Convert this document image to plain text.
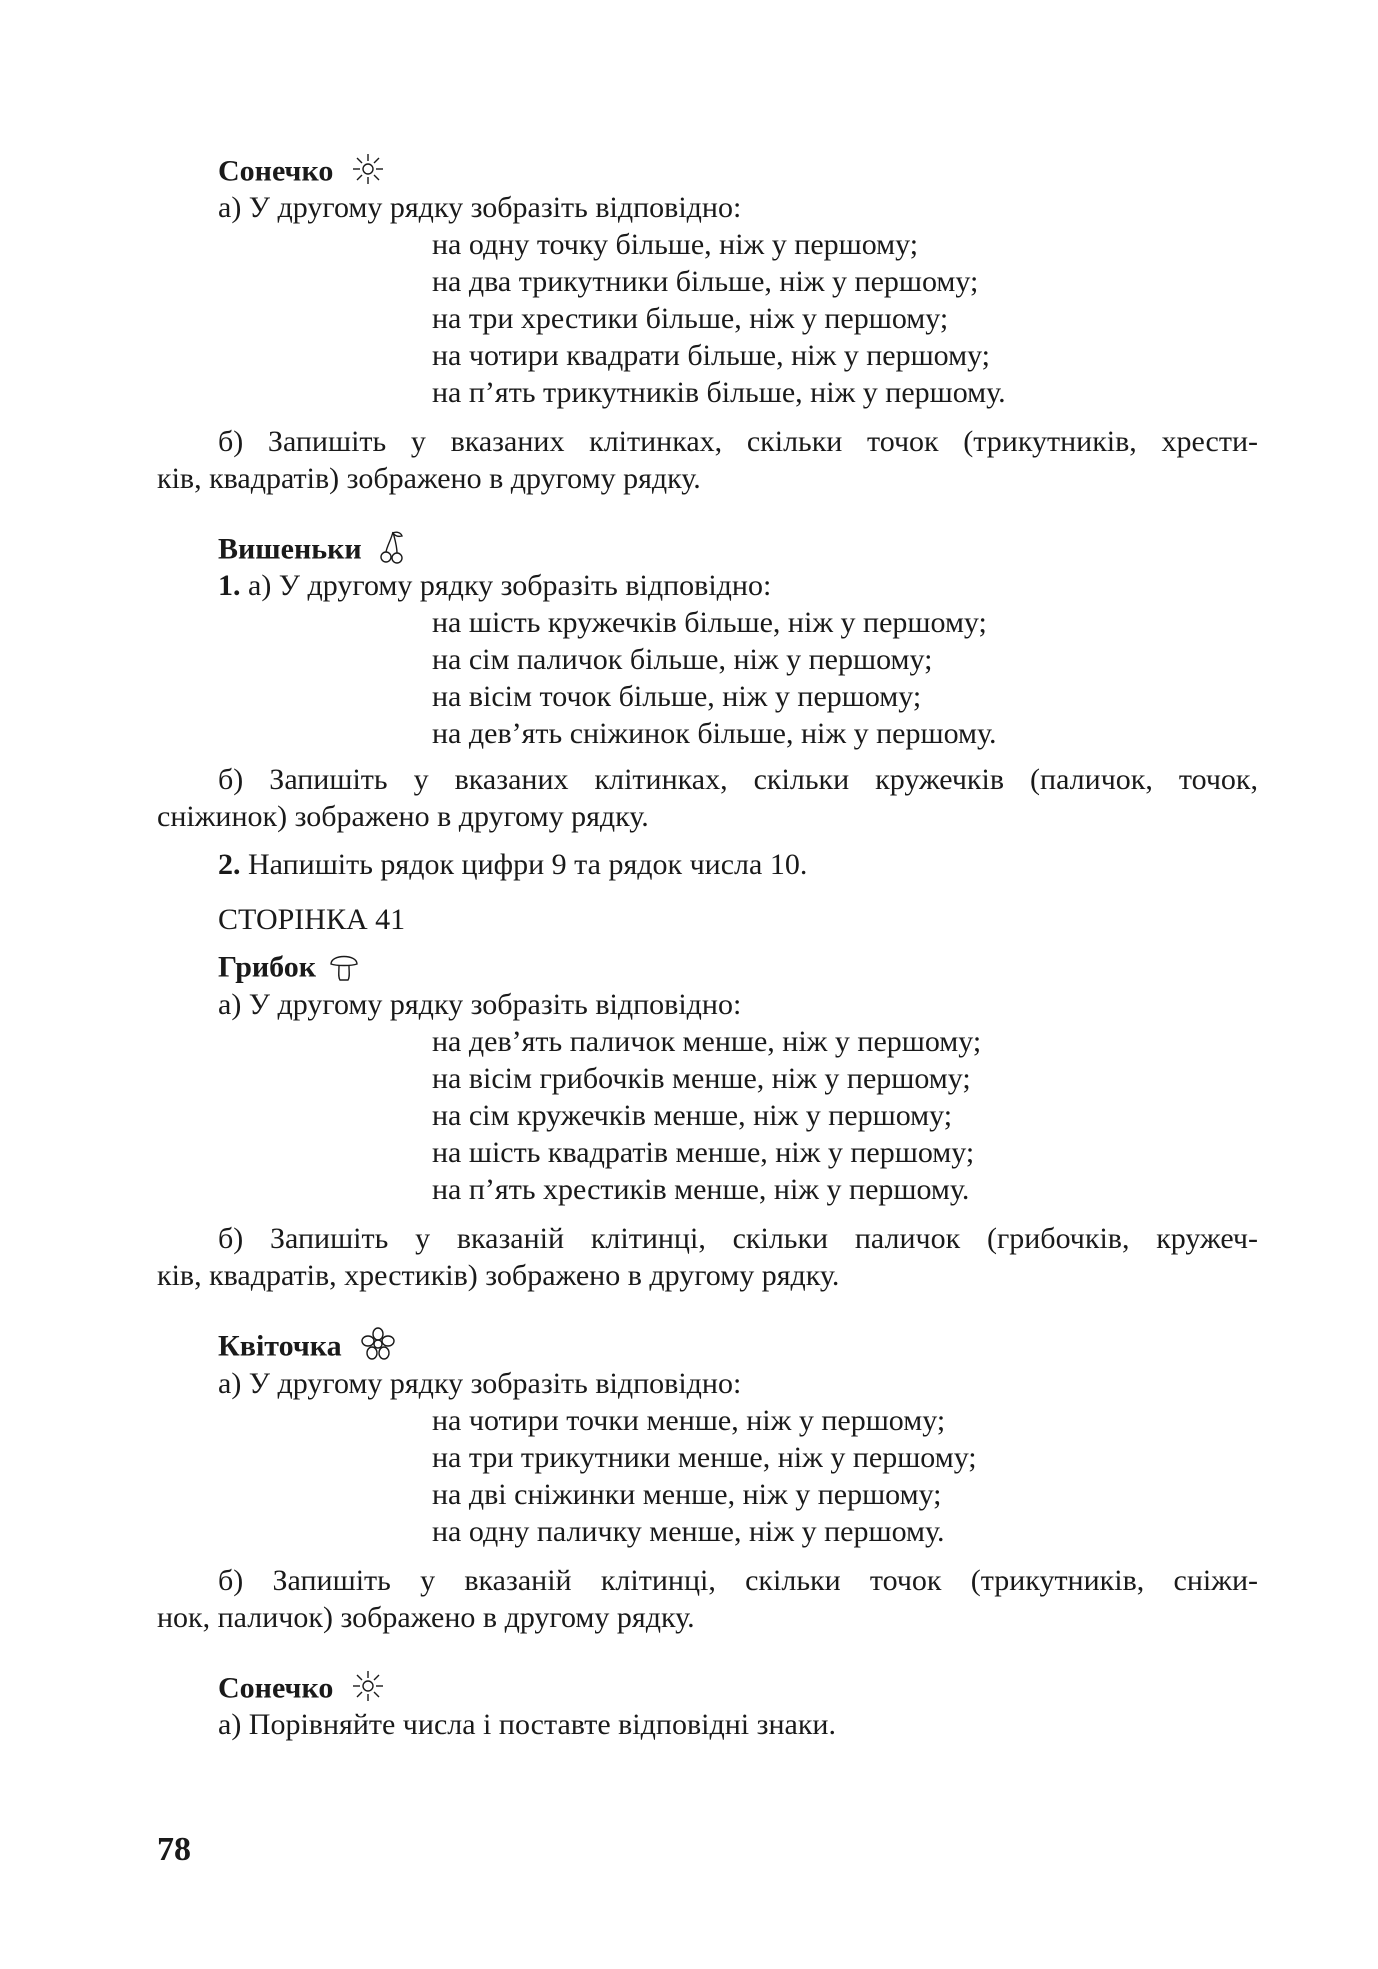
Сонечко
а) У другому рядку зобразіть відповідно:
на одну точку більше, ніж у першому;
на два трикутники більше, ніж у першому;
на три хрестики більше, ніж у першому;
на чотири квадрати більше, ніж у першому;
на п’ять трикутників більше, ніж у першому.
б) Запишіть у вказаних клітинках, скільки точок (трикутників, хрести-
ків, квадратів) зображено в другому рядку.
Вишеньки
1. а) У другому рядку зобразіть відповідно:
на шість кружечків більше, ніж у першому;
на сім паличок більше, ніж у першому;
на вісім точок більше, ніж у першому;
на дев’ять сніжинок більше, ніж у першому.
б) Запишіть у вказаних клітинках, скільки кружечків (паличок, точок,
сніжинок) зображено в другому рядку.
2. Напишіть рядок цифри 9 та рядок числа 10.
СТОРІНКА 41
Грибок
а) У другому рядку зобразіть відповідно:
на дев’ять паличок менше, ніж у першому;
на вісім грибочків менше, ніж у першому;
на сім кружечків менше, ніж у першому;
на шість квадратів менше, ніж у першому;
на п’ять хрестиків менше, ніж у першому.
б) Запишіть у вказаній клітинці, скільки паличок (грибочків, кружеч-
ків, квадратів, хрестиків) зображено в другому рядку.
Квіточка
а) У другому рядку зобразіть відповідно:
на чотири точки менше, ніж у першому;
на три трикутники менше, ніж у першому;
на дві сніжинки менше, ніж у першому;
на одну паличку менше, ніж у першому.
б) Запишіть у вказаній клітинці, скільки точок (трикутників, сніжи-
нок, паличок) зображено в другому рядку.
Сонечко
а) Порівняйте числа і поставте відповідні знаки.
78
